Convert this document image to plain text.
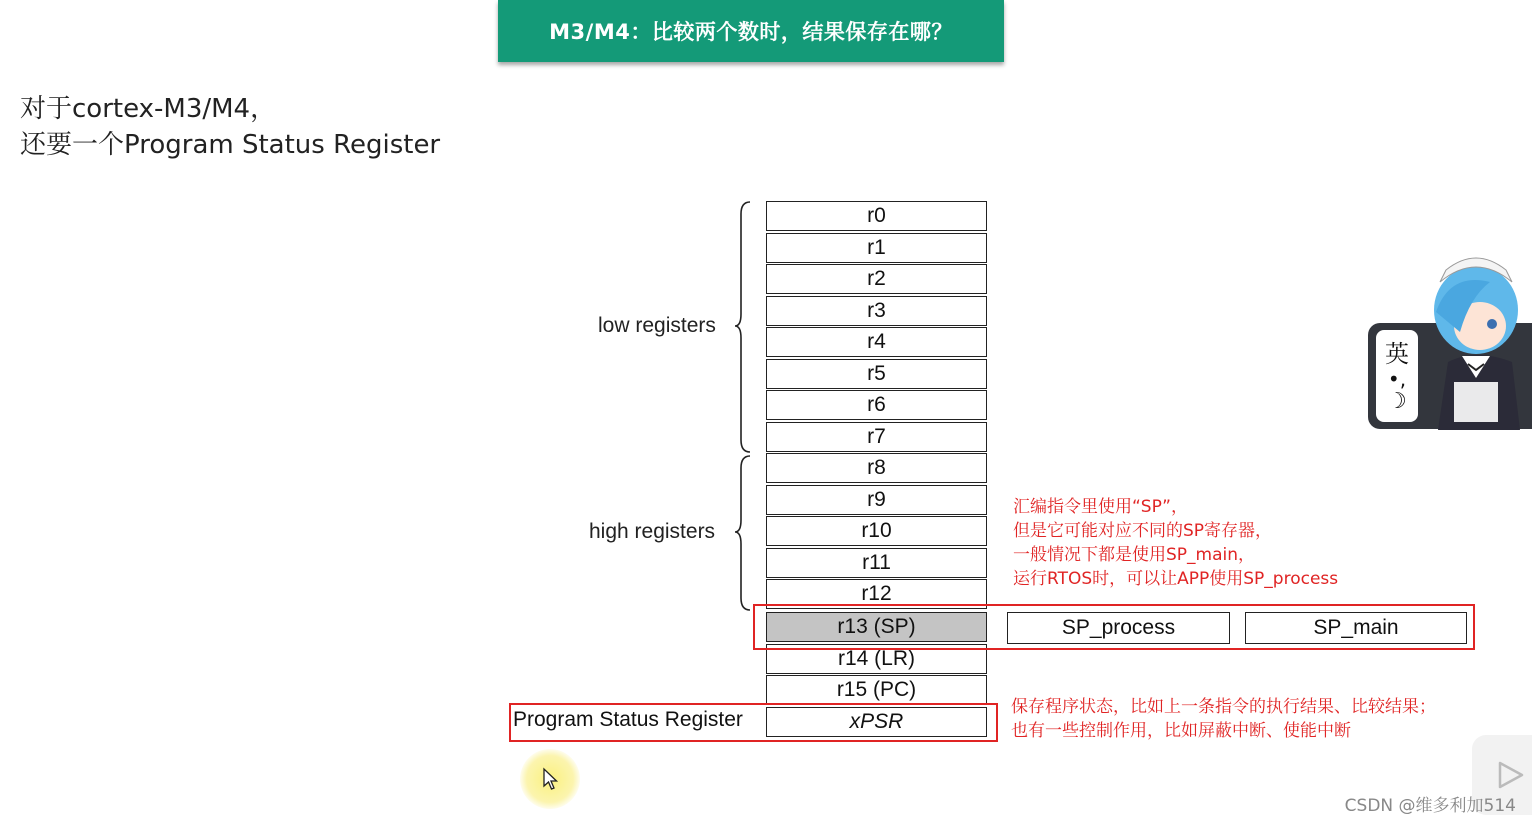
M3/M4：比较两个数时，结果保存在哪？
对于cortex-M3/M4，
还要一个Program Status Register
low registers
high registers
r0
r1
r2
r3
r4
r5
r6
r7
r8
r9
r10
r11
r12
r13 (SP)
r14 (LR)
r15 (PC)
xPSR
SP_process	SP_main
Program Status Register
汇编指令里使用“SP”，
但是它可能对应不同的SP寄存器，
一般情况下都是使用SP_main，
运行RTOS时，可以让APP使用SP_process
保存程序状态，比如上一条指令的执行结果、比较结果；
也有一些控制作用，比如屏蔽中断、使能中断
英
•,
☽
CSDN @维多利加514
